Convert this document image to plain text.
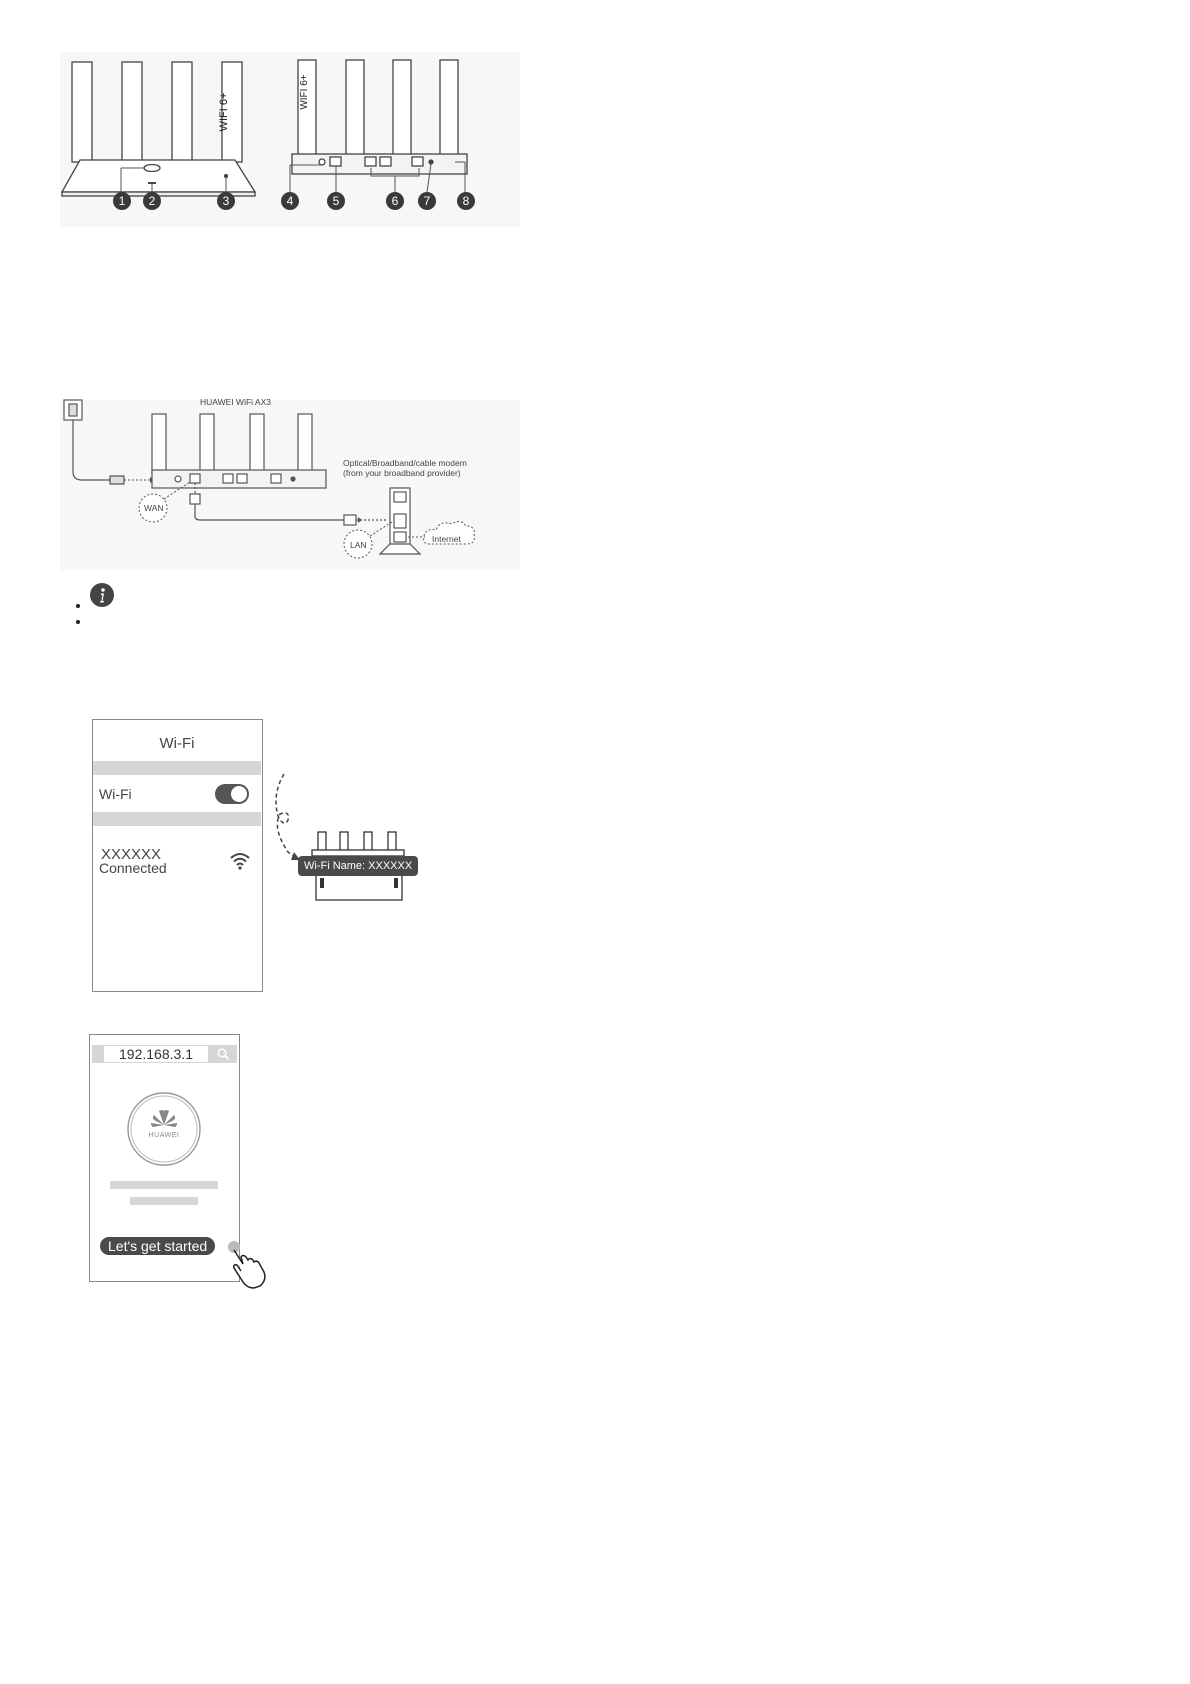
WIFI 6+
WIFI 6+
1	2	3	4	5	6	7	8
HUAWEI WiFi AX3
Optical/Broadband/cable modem
(from your broadband provider)
WAN
LAN
Internet
Wi-Fi
Wi-Fi
XXXXXX
Connected	Wi-Fi Name: XXXXXX
192.168.3.1
HUAWEI
Let's get started
